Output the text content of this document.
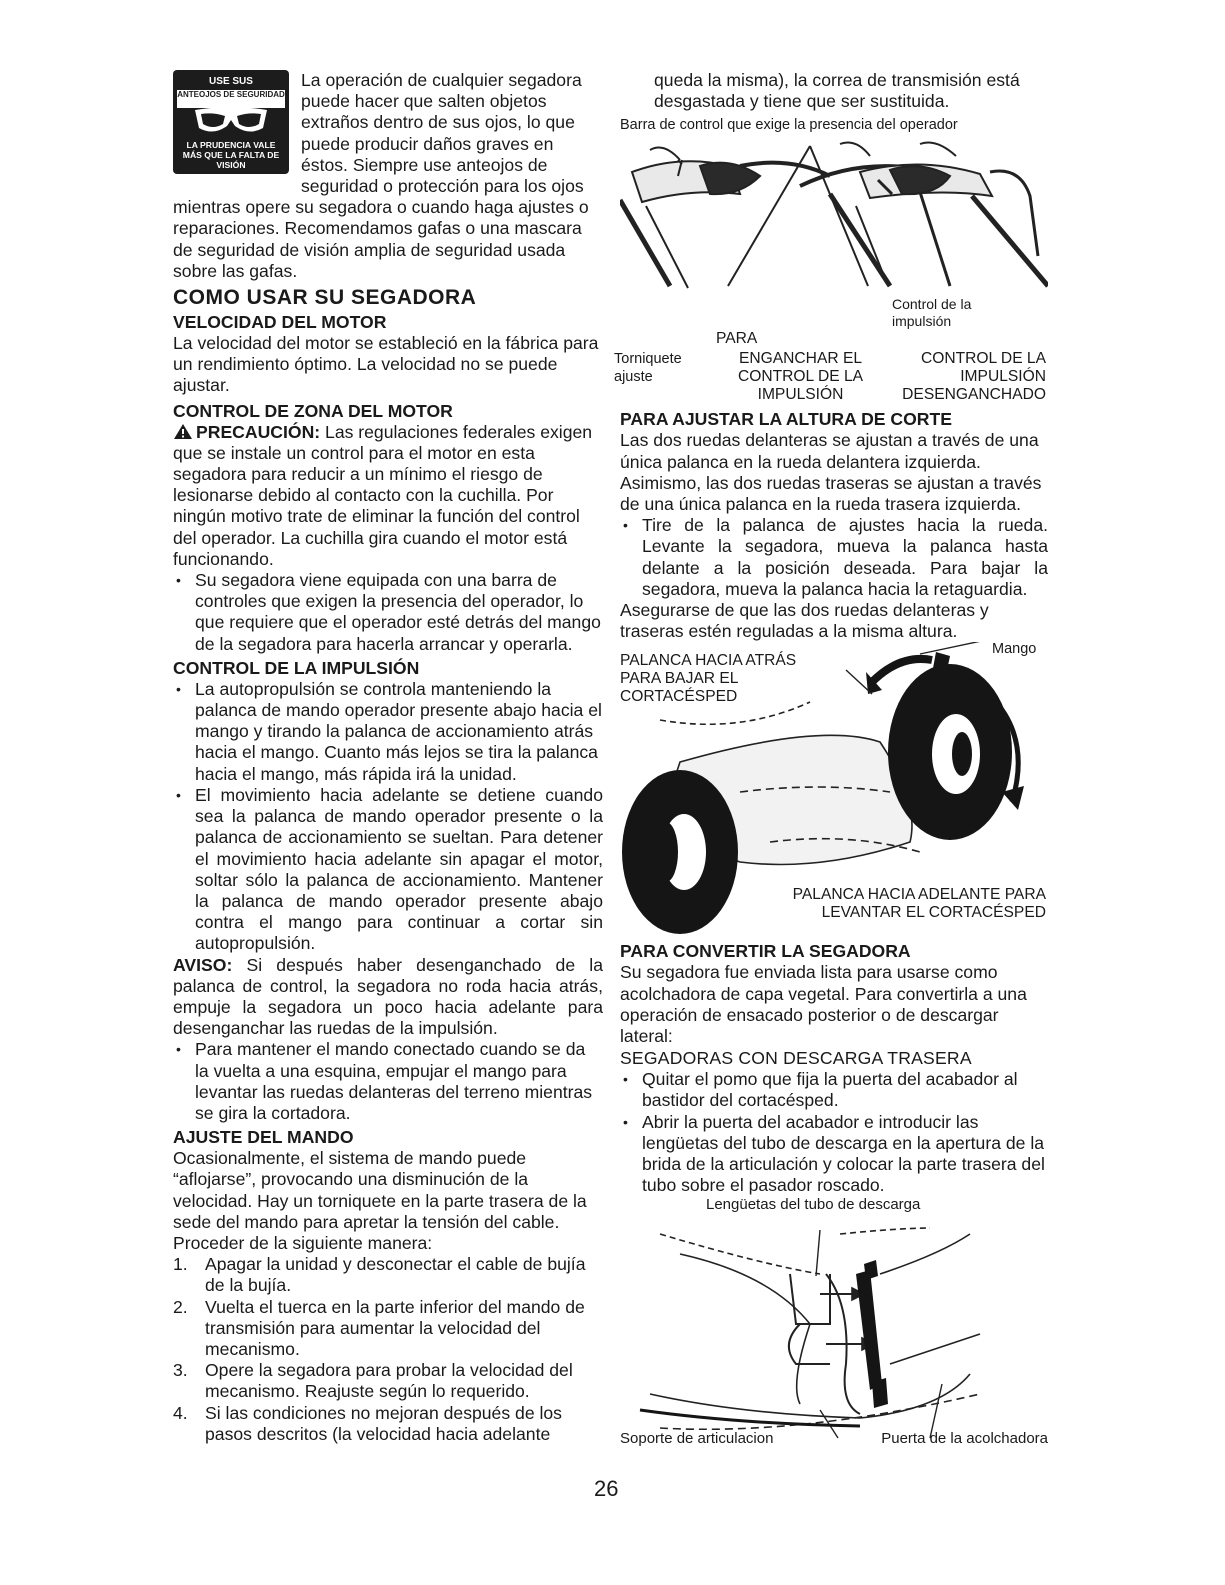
USE SUS
ANTEOJOS DE SEGURIDAD
LA PRUDENCIA VALE MÁS QUE LA FALTA DE VISIÓN

La operación de cualquier segadora puede hacer que salten objetos extraños dentro de sus ojos, lo que puede producir daños graves en éstos. Siempre use anteojos de seguridad o protección para los ojos mientras opere su segadora o cuando haga ajustes o reparaciones. Recomendamos gafas o una mascara de seguridad de visión amplia de seguridad usada sobre las gafas.

COMO USAR SU SEGADORA
VELOCIDAD DEL MOTOR

La velocidad del motor se estableció en la fábrica para un rendimiento óptimo. La velocidad no se puede ajustar.

CONTROL DE ZONA DEL MOTOR

PRECAUCIÓN: Las regulaciones federales exigen que se instale un control para el motor en esta segadora para reducir a un mínimo el riesgo de lesionarse debido al contacto con la cuchilla. Por ningún motivo trate de eliminar la función del control del operador. La cuchilla gira cuando el motor está funcionando.

• Su segadora viene equipada con una barra de controles que exigen la presencia del operador, lo que requiere que el operador esté detrás del mango de la segadora para hacerla arrancar y operarla.
CONTROL DE LA IMPULSIÓN
• La autopropulsión se controla manteniendo la palanca de mando operador presente abajo hacia el mango y tirando la palanca de accionamiento atrás hacia el mango. Cuanto más lejos se tira la palanca hacia el mango, más rápida irá la unidad.
• El movimiento hacia adelante se detiene cuando sea la palanca de mando operador presente o la palanca de accionamiento se sueltan. Para detener el movimiento hacia adelante sin apagar el motor, soltar sólo la palanca de accionamiento. Mantener la palanca de mando operador presente abajo contra el mango para continuar a cortar sin autopropulsión.

AVISO: Si después haber desenganchado de la palanca de control, la segadora no roda hacia atrás, empuje la segadora un poco hacia adelante para desenganchar las ruedas de la impulsión.

• Para mantener el mando conectado cuando se da la vuelta a una esquina, empujar el mango para levantar las ruedas delanteras del terreno mientras se gira la cortadora.
AJUSTE DEL MANDO

Ocasionalmente, el sistema de mando puede “aflojarse”, provocando una disminución de la velocidad. Hay un torniquete en la parte trasera de la sede del mando para apretar la tensión del cable. Proceder de la siguiente manera:

1. Apagar la unidad y desconectar el cable de bujía de la bujía.
2. Vuelta el tuerca en la parte inferior del mando de transmisión para aumentar la velocidad del mecanismo.
3. Opere la segadora para probar la velocidad del mecanismo. Reajuste según lo requerido.
4. Si las condiciones no mejoran después de los pasos descritos (la velocidad hacia adelante
queda la misma), la correa de transmisión está desgastada y tiene que ser sustituida.
Barra de control que exige la presencia del operador
Control de la impulsión
PARA
Torniquete ajuste
ENGANCHAR EL CONTROL DE LA IMPULSIÓN
CONTROL DE LA IMPULSIÓN DESENGANCHADO
PARA AJUSTAR LA ALTURA DE CORTE

Las dos ruedas delanteras se ajustan a través de una única palanca en la rueda delantera izquierda. Asimismo, las dos ruedas traseras se ajustan a través de una única palanca en la rueda trasera izquierda.

• Tire de la palanca de ajustes hacia la rueda. Levante la segadora, mueva la palanca hasta delante a la posición deseada. Para bajar la segadora, mueva la palanca hacia la retaguardia.

Asegurarse de que las dos ruedas delanteras y traseras estén reguladas a la misma altura.

Mango
PALANCA HACIA ATRÁS PARA BAJAR EL CORTACÉSPED
PALANCA HACIA ADELANTE PARA
LEVANTAR EL CORTACÉSPED
PARA CONVERTIR LA SEGADORA

Su segadora fue enviada lista para usarse como acolchadora de capa vegetal. Para convertirla a una operación de ensacado posterior o de descargar lateral:

SEGADORAS CON DESCARGA TRASERA
• Quitar el pomo que fija la puerta del acabador al bastidor del cortacésped.
• Abrir la puerta del acabador e introducir las lengüetas del tubo de descarga en la apertura de la brida de la articulación y colocar la parte trasera del tubo sobre el pasador roscado.
Lengüetas del tubo de descarga
Soporte de articulacion	Puerta de la acolchadora
26
